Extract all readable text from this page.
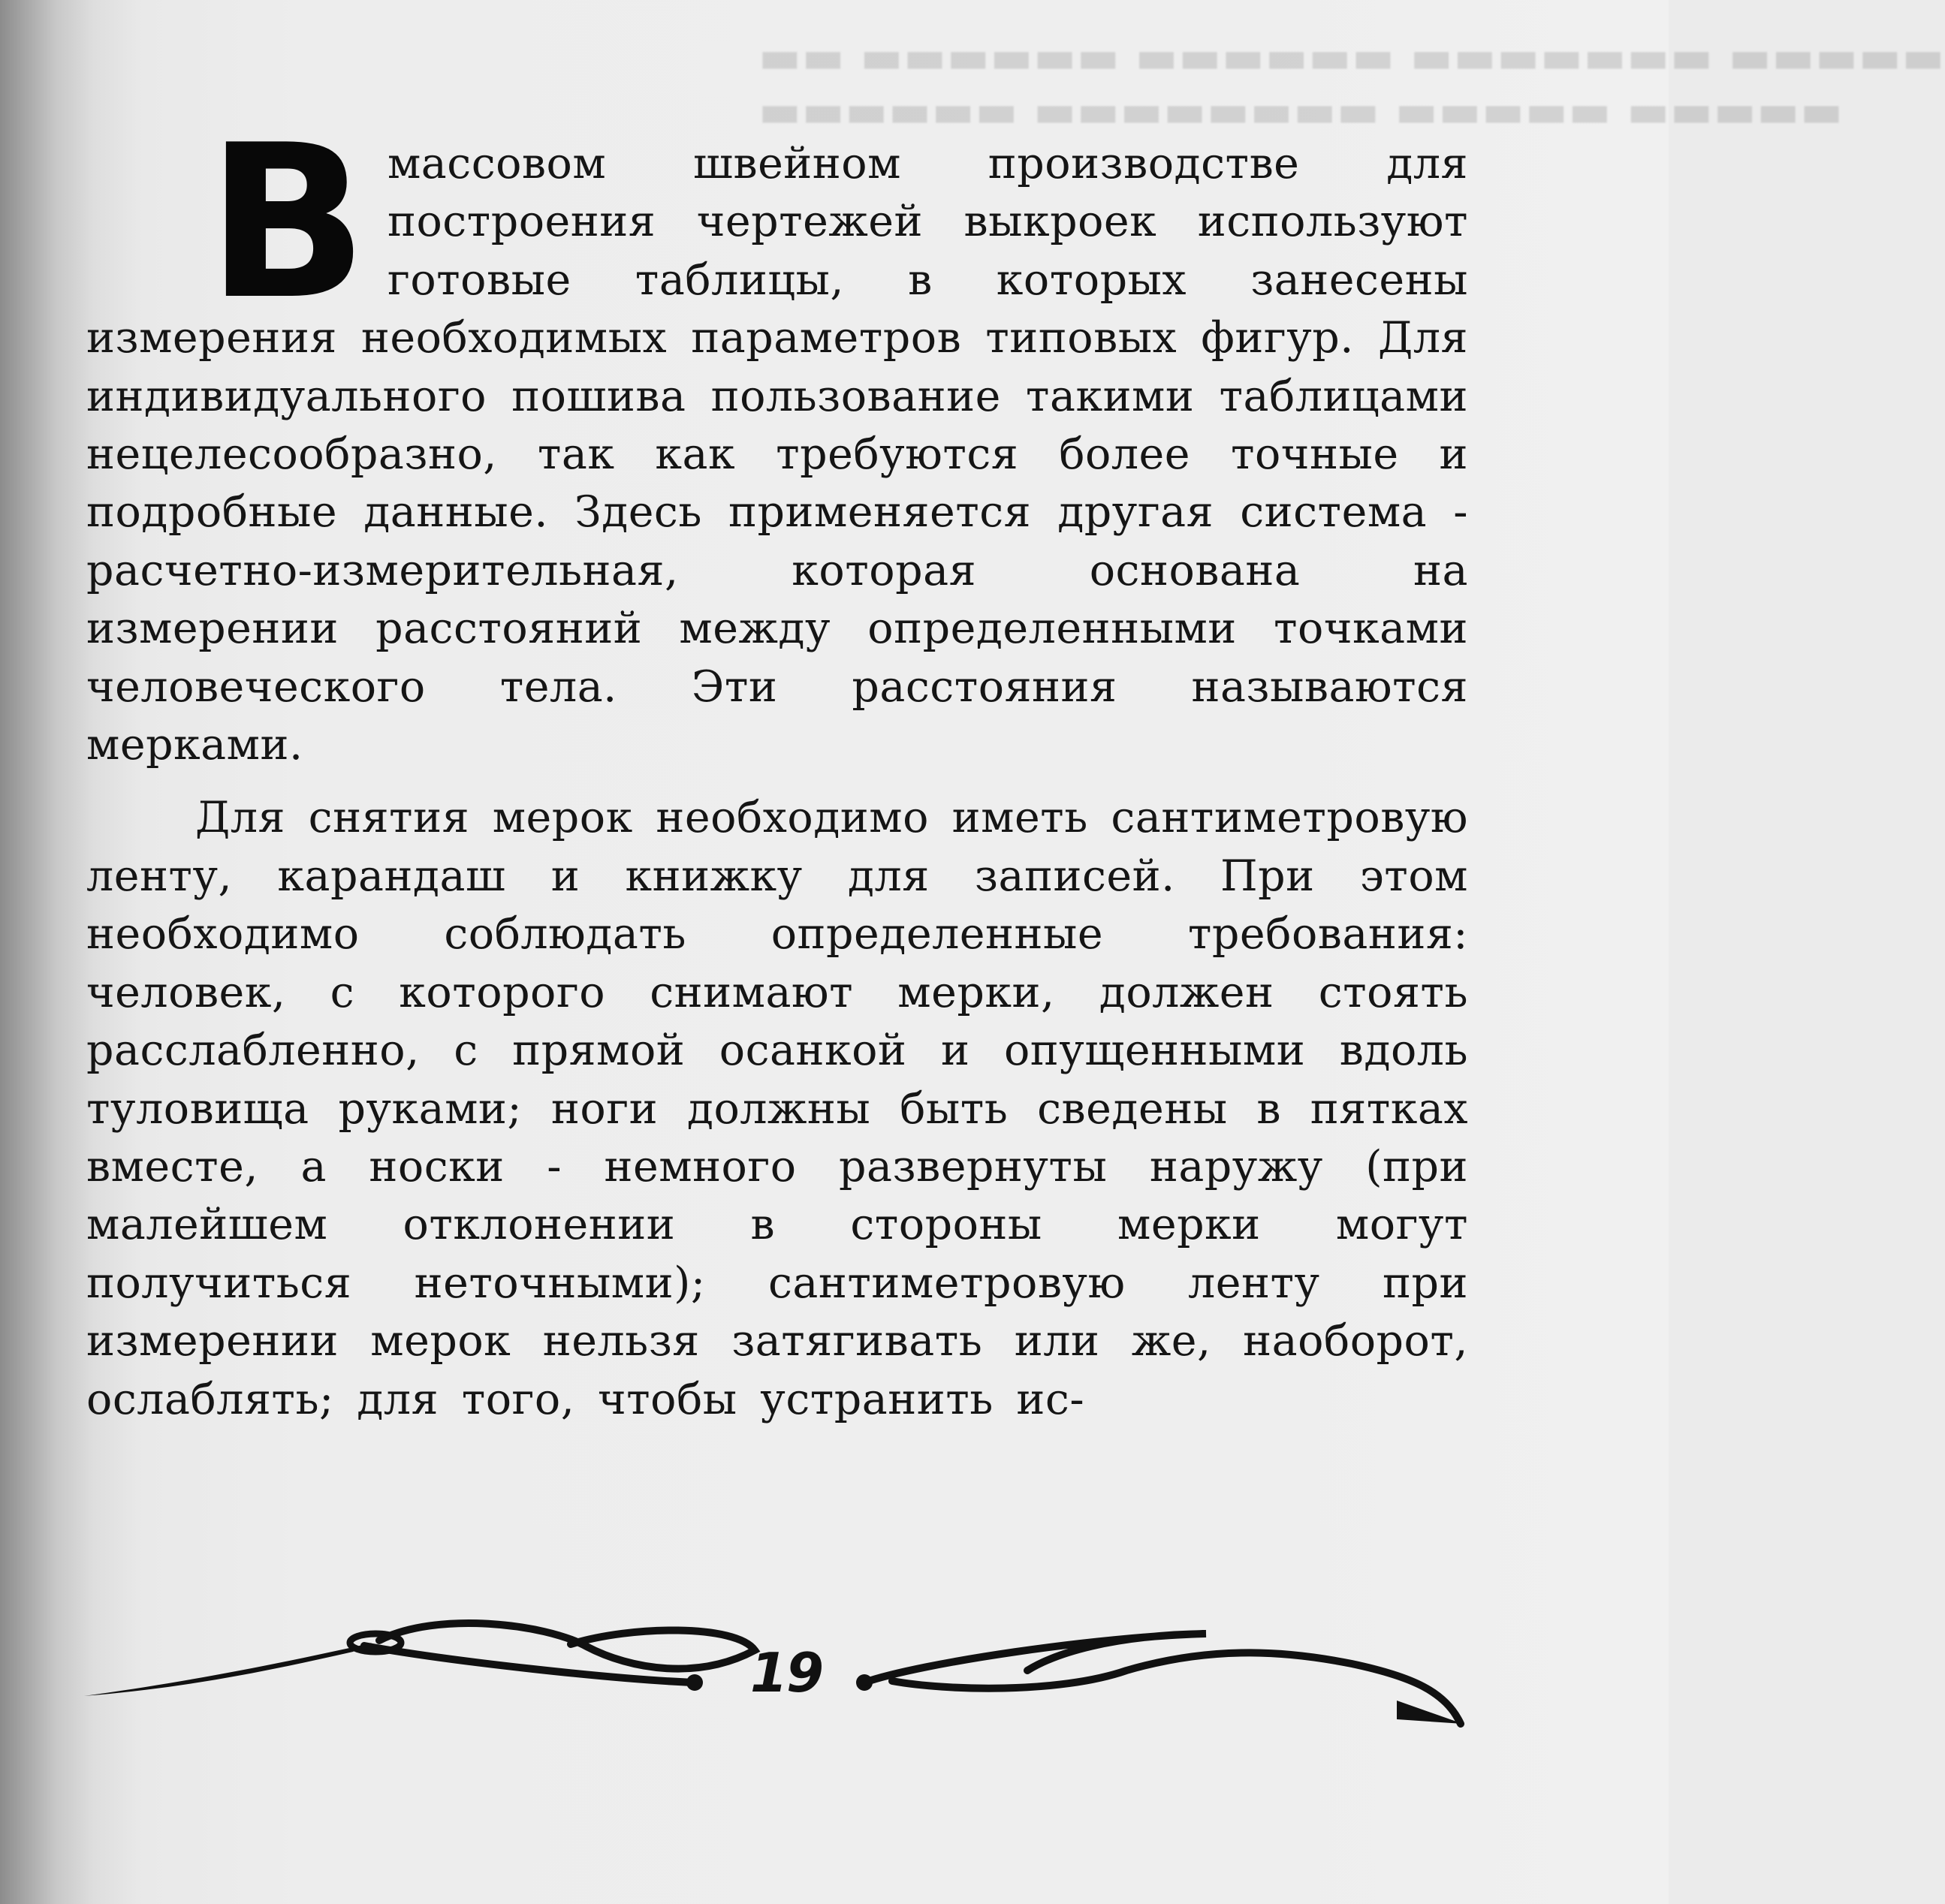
▬▬ ▬▬▬▬▬▬ ▬▬▬▬▬▬ ▬▬▬▬▬▬▬ ▬▬▬▬▬
▬▬▬▬▬▬ ▬▬▬▬▬▬▬▬ ▬▬▬▬▬ ▬▬▬▬▬

Вмассовом швейном производстве для построения чертежей выкроек используют готовые таблицы, в которых занесены измерения необходимых параметров типовых фигур. Для индивидуального пошива пользование такими таблицами нецелесообразно, так как требуются более точные и подробные данные. Здесь применяется другая система - расчетно-измерительная, которая основана на измерении расстояний между определенными точками человеческого тела. Эти расстояния называются мерками.

Для снятия мерок необходимо иметь сантиметровую ленту, карандаш и книжку для записей. При этом необходимо соблюдать определенные требования: человек, с которого снимают мерки, должен стоять расслабленно, с прямой осанкой и опущенными вдоль туловища руками; ноги должны быть сведены в пятках вместе, а носки - немного развернуты наружу (при малейшем отклонении в стороны мерки могут получиться неточными); сантиметровую ленту при измерении мерок нельзя затягивать или же, наоборот, ослаблять; для того, чтобы устранить ис-

19
